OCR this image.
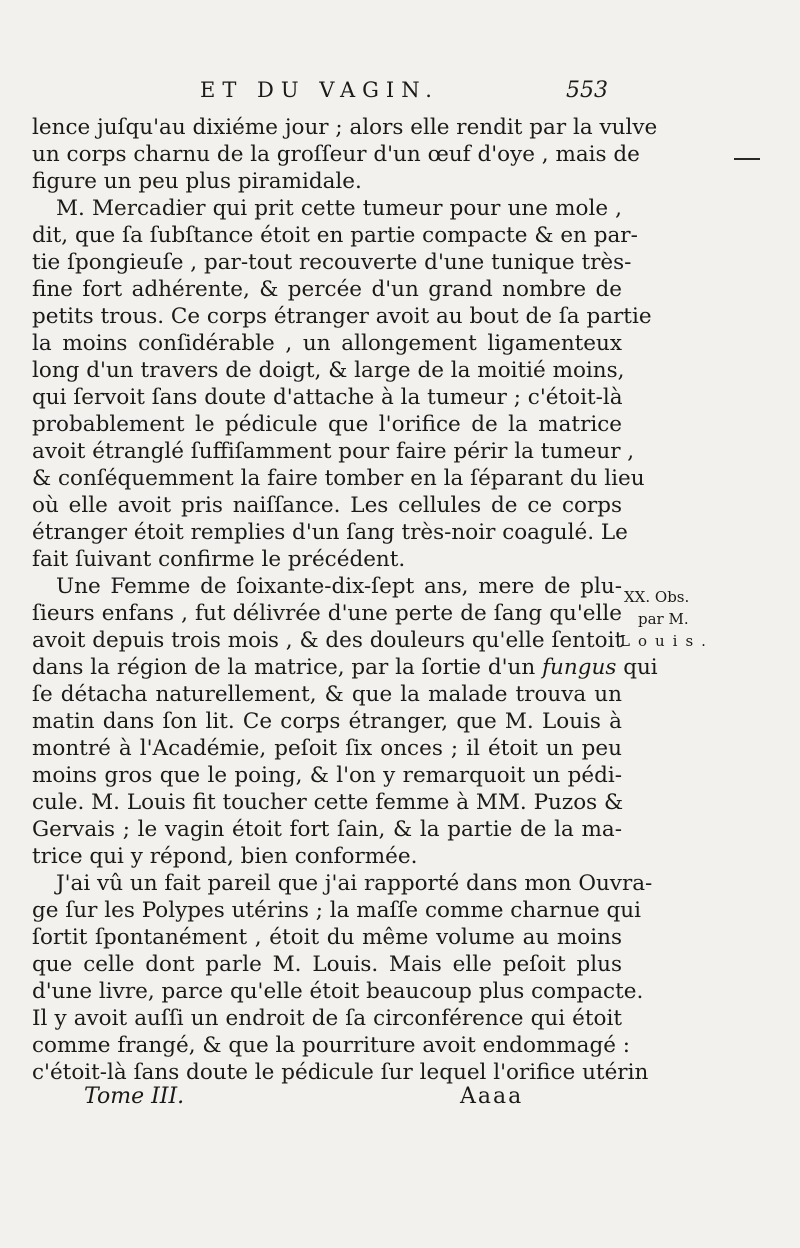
ET DU VAGIN.	553
lence juſqu'au dixiéme jour ; alors elle rendit par la vulve
un corps charnu de la groſſeur d'un œuf d'oye , mais de
figure un peu plus piramidale.
M. Mercadier qui prit cette tumeur pour une mole ,
dit, que ſa ſubſtance étoit en partie compacte & en par-
tie ſpongieuſe , par-tout recouverte d'une tunique très-
fine fort adhérente, & percée d'un grand nombre de
petits trous. Ce corps étranger avoit au bout de ſa partie
la moins conſidérable , un allongement ligamenteux
long d'un travers de doigt, & large de la moitié moins,
qui ſervoit ſans doute d'attache à la tumeur ; c'étoit-là
probablement le pédicule que l'orifice de la matrice
avoit étranglé ſuffiſamment pour faire périr la tumeur ,
& conſéquemment la faire tomber en la ſéparant du lieu
où elle avoit pris naiſſance. Les cellules de ce corps
étranger étoit remplies d'un ſang très-noir coagulé. Le
fait ſuivant confirme le précédent.
Une Femme de ſoixante-dix-ſept ans, mere de plu-
ſieurs enfans , fut délivrée d'une perte de ſang qu'elle
avoit depuis trois mois , & des douleurs qu'elle ſentoit
dans la région de la matrice, par la ſortie d'un fungus qui
ſe détacha naturellement, & que la malade trouva un
matin dans ſon lit. Ce corps étranger, que M. Louis à
montré à l'Académie, peſoit ſix onces ; il étoit un peu
moins gros que le poing, & l'on y remarquoit un pédi-
cule. M. Louis fit toucher cette femme à MM. Puzos &
Gervais ; le vagin étoit fort ſain, & la partie de la ma-
trice qui y répond, bien conformée.
J'ai vû un fait pareil que j'ai rapporté dans mon Ouvra-
ge ſur les Polypes utérins ; la maſſe comme charnue qui
ſortit ſpontanément , étoit du même volume au moins
que celle dont parle M. Louis. Mais elle peſoit plus
d'une livre, parce qu'elle étoit beaucoup plus compacte.
Il y avoit auſſi un endroit de ſa circonférence qui étoit
comme frangé, & que la pourriture avoit endommagé :
c'étoit-là ſans doute le pédicule ſur lequel l'orifice utérin
XX. Obs.
par M.
Louis.
Tome III.	Aaaa
